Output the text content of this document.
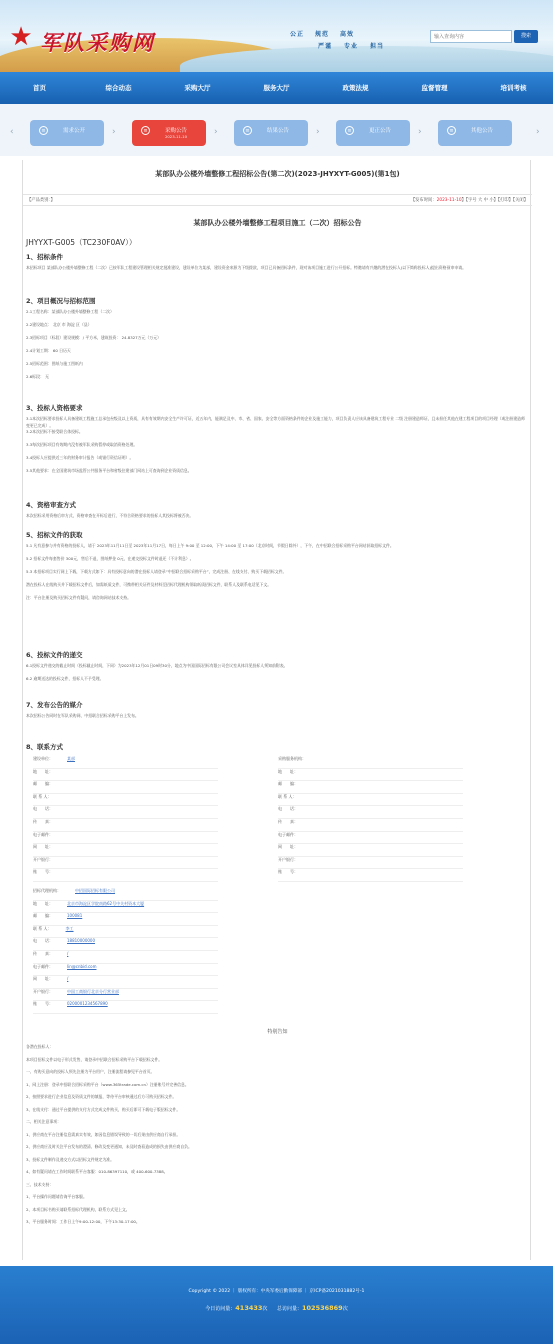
★ 军队采购网	公正 规范 高效
严谨 专业 担当
输入查询内容
搜索
首页	综合动态	采购大厅	服务大厅	政策法规	监督管理	培训考核
‹	≡	需求公开	›	≡	采购公告
2023-11-10	›	≡	结果公告	›	≡	更正公告	›	≡	其他公告	›
某部队办公楼外墙整修工程招标公告(第二次)(2023-JHYXYT-G005)(第1包)
【产品类别：】	【发布时间：2023-11-10】【字号 大 中 小】【打印】【关闭】
某部队办公楼外墙整修工程项目施工（二次）招标公告
JHYYXT-G005（TC230F0AV））
1、招标条件
本招标项目 某部队办公楼外墙整修工程（二次）已按军队工程建设管理相关规定批准建设，建设单位为某部，建设资金来源为下级拨款，项目已具备招标条件，现对该项目施工进行公开招标。特邀请有兴趣的潜在投标人(以下简称投标人)提出资格预审申请。
2、项目概况与招标范围
2.1工程名称：某部队办公楼外墙整修工程（二次）
2.2建设地点： 北京 市 海淀 区（县）
2.3招标项目（标段）建设规模：/ 平方米，建筑投资： 24.8327万元（万元）
2.4计划工期： 60 日历天
2.5招标范围：图纸与施工图纸内
2.6标段： 无
3、投标人资格要求
3.1本次招标要求投标人具备建筑工程施工总承包叁级及以上资质，具有有效期内安全生产许可证，近五年内，能满足及中、市、省、国家、安全等方面资格条件的企业及施工能力，项目负责人应该具备建筑工程专业 二级 注册建造师证，且未担任其他在建工程项目的项目经理（或注册建造师变更已完成）。
3.2本次招标不接受联合体投标。
3.3每次招标项目有效期内没有被军队采购暂停或取消资格处理。
3.4投标人应提供近三年的财务审计报告（或银行资信证明）。
3.5其他要求：在全国建筑市场监管公共服务平台和省级住建部门网站上可查询到企业资质信息。
4、资格审查方式
本次招标采用资格后审方式，资格审查在开标后进行，不符合资格要求的投标人其投标将被否决。
5、招标文件的获取
5.1 凡有意参与并有资格的投标人，请于 2023年11月11日至 2023年11月17日，每日上午 9:00 至 12:00，下午 14:00 至 17:00（北京时间，节假日除外），下午，在中招联合招标采购平台网站获取招标文件。
5.2 招标文件每套售价 300元，售后不退，图纸押金 0元，在递交投标文件时退还（不计利息）。
5.3 本招标项目实行网上下载，下载方式如下：具有投标意向的潜在投标人请登录“中招联合招标采购平台”，完成注册、在线支付、购买下载招标文件。
潜在投标人在线购买并下载招标文件后，如需纸质文件，可携带相关证件及材料至招标代理机构领取纸质招标文件，联系人及联系电话见下文。
注：平台注册及购买招标文件有疑问，请咨询网站技术支持。
6、投标文件的递交
6.1投标文件递交的截止时间（投标截止时间，下同）为2023年12月01日09时30分，地点为中国国际招标有限公司会议室具体详见投标人须知前附表。
6.2 逾期送达的投标文件，招标人不予受理。
7、发布公告的媒介
本次招标公告同时在军队采购网、中招联合招标采购平台上发布。
8、联系方式
建设单位：	某部
地　　址：
邮　　编：
联 系 人：
电　　话：
传　　真：
电子邮件：
网　　址：
开户银行：
账　　号：
采购服务机构：
地　　址：
邮　　编：
联 系 人：
电　　话：
传　　真：
电子邮件：
网　　址：
开户银行：
账　　号：
招标代理机构：	中招国际招标有限公司
地　　址：	北京市海淀区学院南路62号中关村资本大厦
邮　　编：	100081
联 系 人：	李工
电　　话：	18810000000
传　　真：	/
电子邮件：	lin@cnbid.com
网　　址：	/
开户银行：	中国工商银行北京分行营业部
账　　号：	0200001234567890
特别告知
各潜在投标人：
本项目招标文件以电子形式发售，请登录中招联合招标采购平台下载招标文件。
一、有购买意向的投标人须先注册为平台用户，注册流程请参见平台首页。
1、网上注册：登录中招联合招标采购平台（www.365trade.com.cn）注册账号并完善信息。
2、按照要求进行企业信息及资质文件的填报，等待平台审核通过后方可购买招标文件。
3、在线支付：通过平台提供的支付方式完成文件购买，购买后即可下载电子版招标文件。
二、相关注意事项：
1、供应商在平台注册信息需真实有效，如因信息错误导致的一切后果由供应商自行承担。
2、供应商应及时关注平台发布的澄清、修改及变更通知，未及时查看造成的损失由供应商自负。
3、投标文件制作及递交方式以招标文件规定为准。
4、如有疑问请在工作时间联系平台客服：010-86397110，或 400-600-7388。
三、技术支持：
1、平台操作问题请咨询平台客服。
2、本项目标书购买请联系招标代理机构，联系方式见上文。
3、平台服务时间：工作日上午9:00-12:00，下午13:30-17:00。
Copyright © 2022 ｜ 版权所有：中央军委后勤保障部 ｜ 京ICP备2021031882号-1
今日访问量：413433次 总访问量：102536869次
